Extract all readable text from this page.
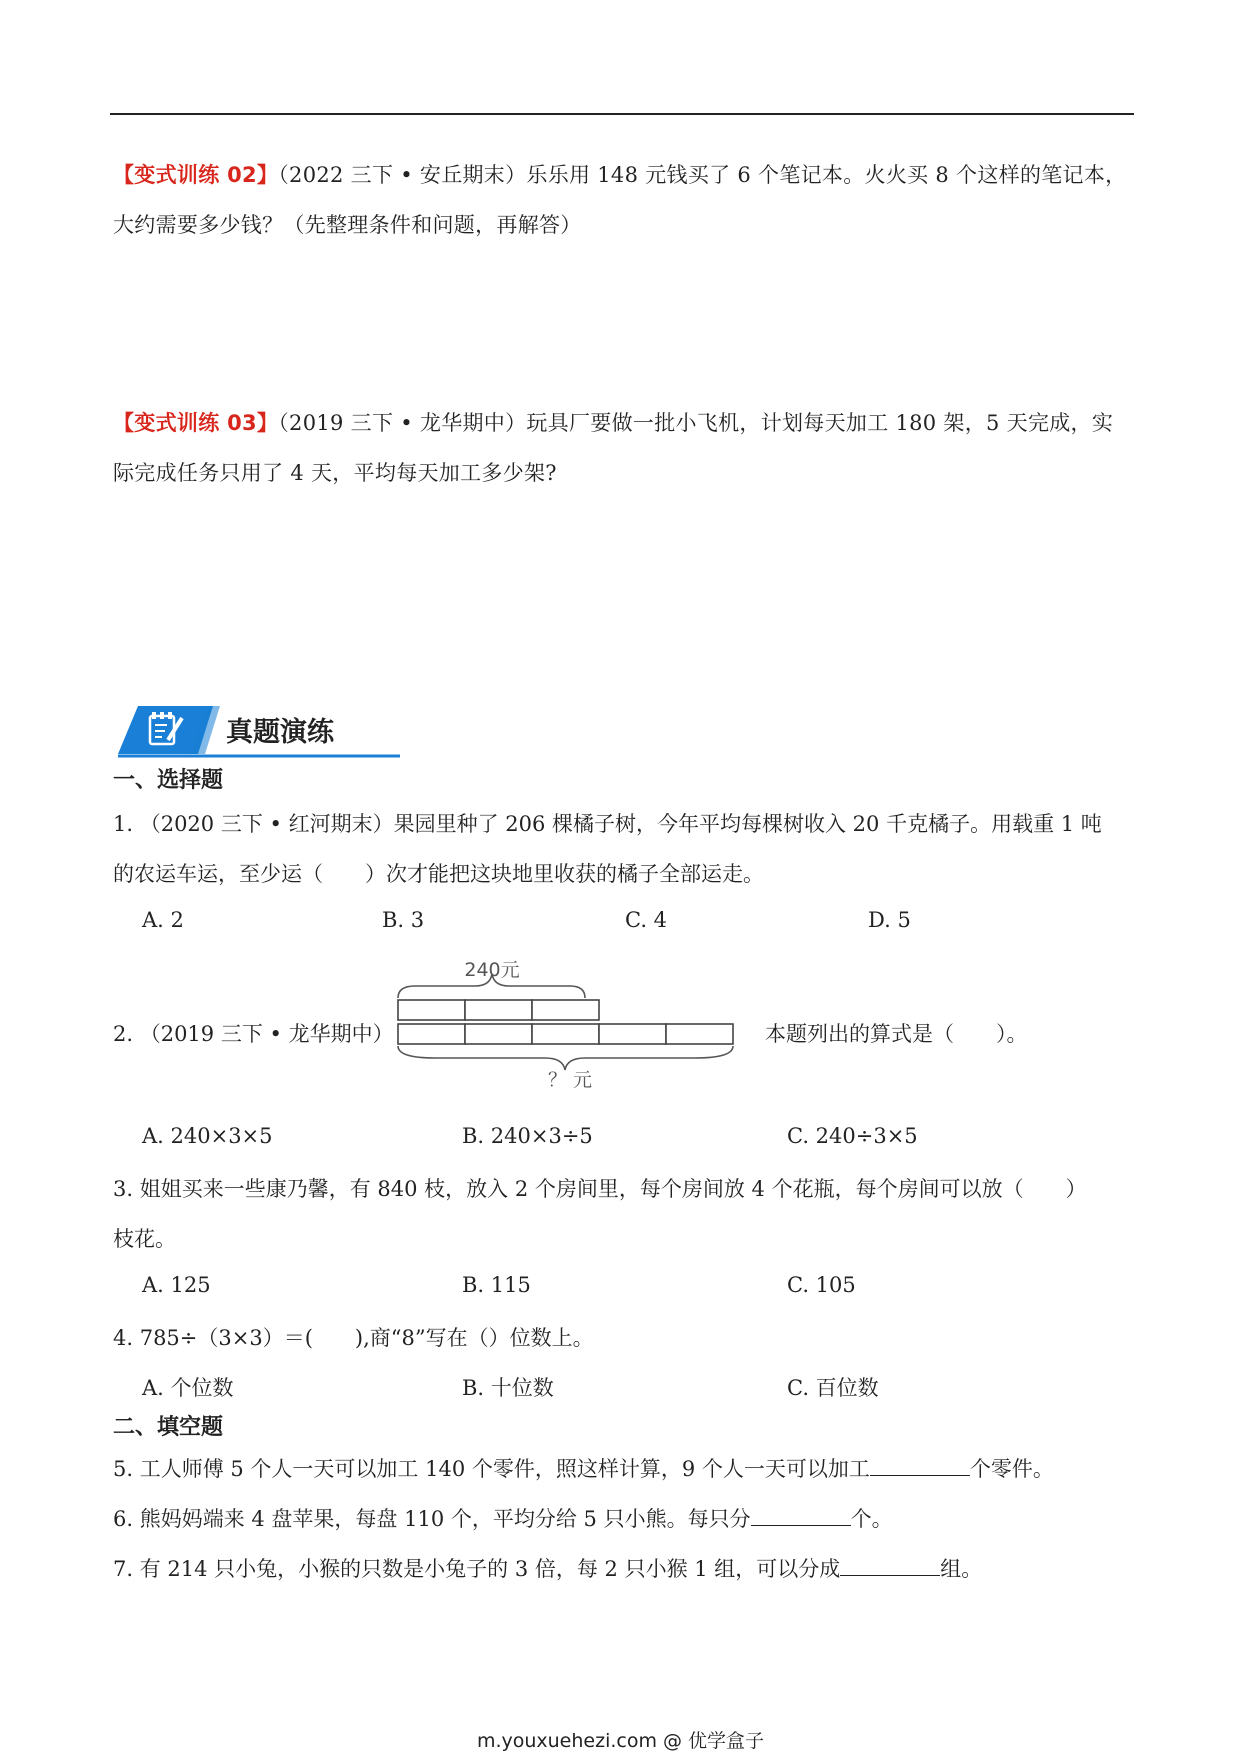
【变式训练 02】（2022 三下 • 安丘期末）乐乐用 148 元钱买了 6 个笔记本。火火买 8 个这样的笔记本，大约需要多少钱？（先整理条件和问题，再解答）
【变式训练 03】（2019 三下 • 龙华期中）玩具厂要做一批小飞机，计划每天加工 180 架，5 天完成，实际完成任务只用了 4 天，平均每天加工多少架?
真题演练
一、选择题
1. （2020 三下 • 红河期末）果园里种了 206 棵橘子树，今年平均每棵树收入 20 千克橘子。用载重 1 吨
的农运车运，至少运（　　）次才能把这块地里收获的橘子全部运走。
A. 2	B. 3	C. 4	D. 5
2. （2019 三下 • 龙华期中）
240元
？ 元
本题列出的算式是（　　）。
A. 240×3×5	B. 240×3÷5	C. 240÷3×5
3. 姐姐买来一些康乃馨，有 840 枝，放入 2 个房间里，每个房间放 4 个花瓶，每个房间可以放（　　）
枝花。
A. 125	B. 115	C. 105
4. 785÷（3×3）＝(　　),商“8”写在（）位数上。
A. 个位数	B. 十位数	C. 百位数
二、填空题
5. 工人师傅 5 个人一天可以加工 140 个零件，照这样计算，9 个人一天可以加工	个零件。
6. 熊妈妈端来 4 盘苹果，每盘 110 个，平均分给 5 只小熊。每只分	个。
7. 有 214 只小兔，小猴的只数是小兔子的 3 倍，每 2 只小猴 1 组，可以分成	组。
m.youxuehezi.com @ 优学盒子
